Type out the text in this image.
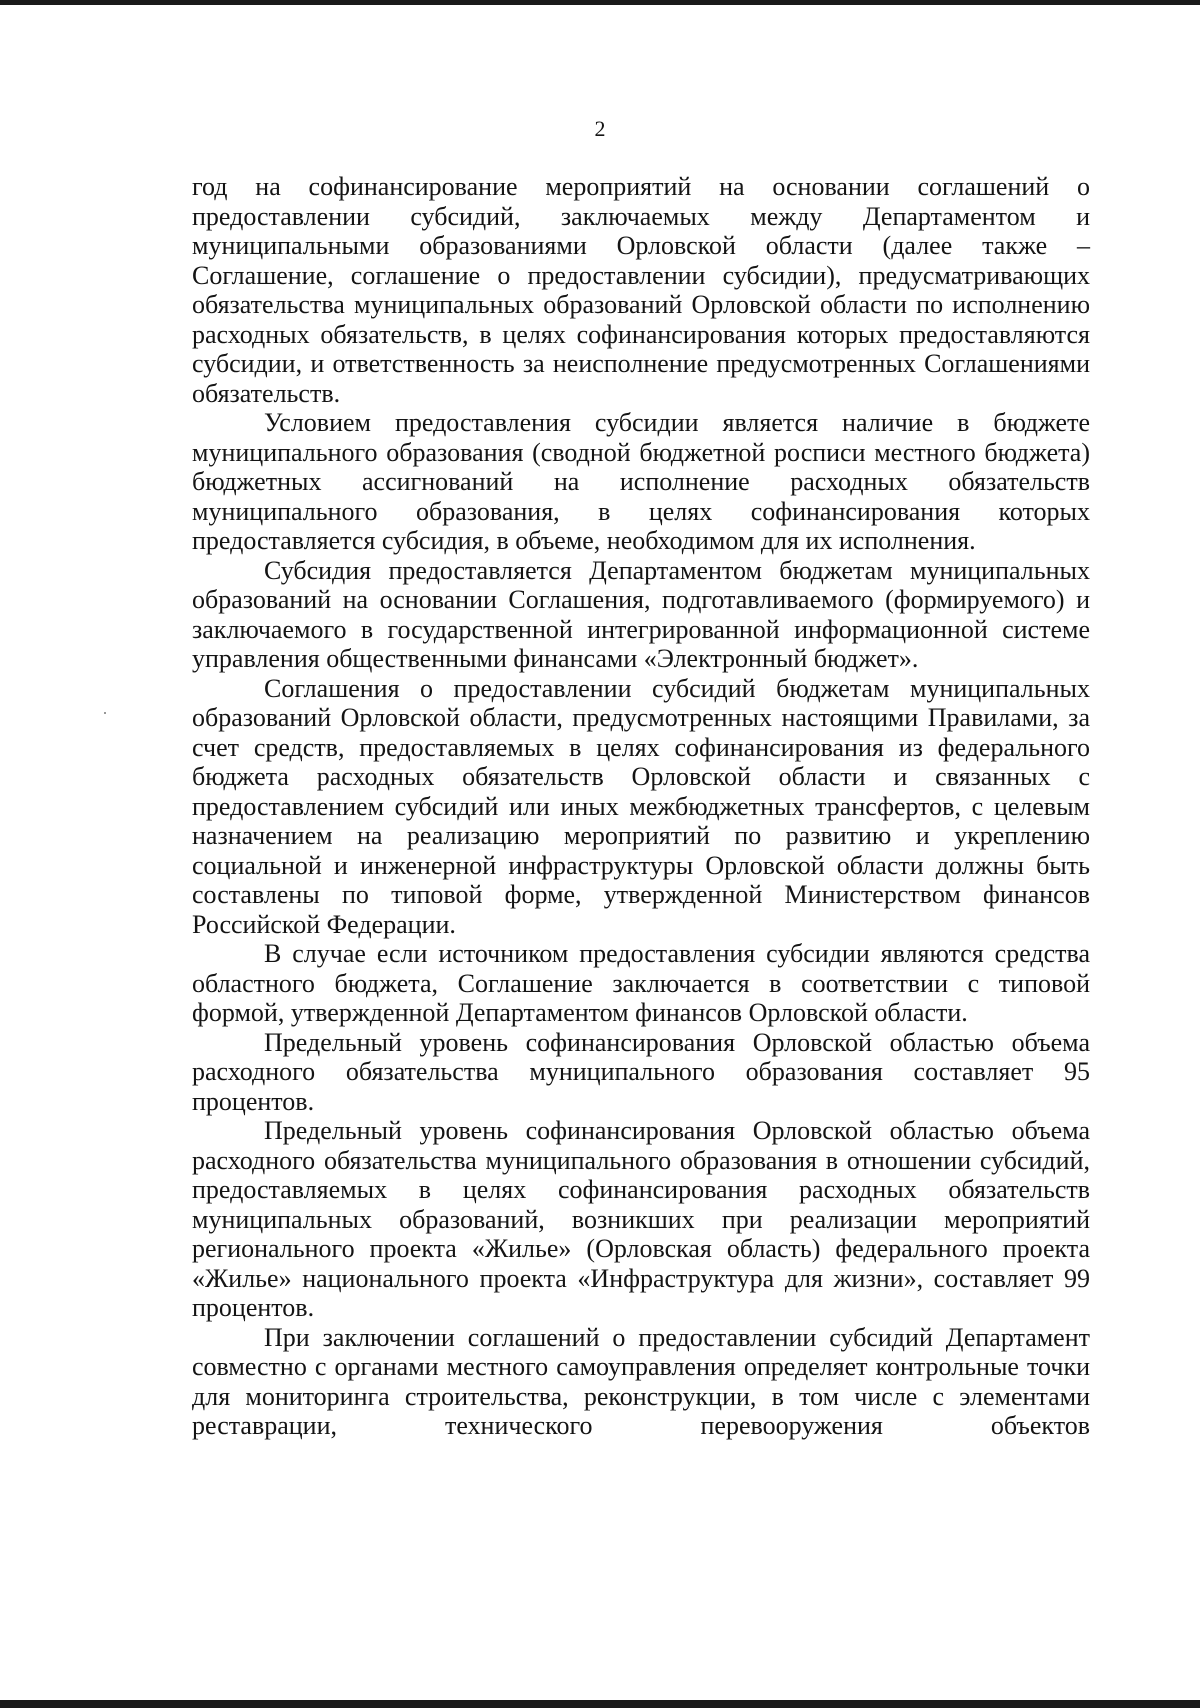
2

год на софинансирование мероприятий на основании соглашений о предоставлении субсидий, заключаемых между Департаментом и муниципальными образованиями Орловской области (далее также – Соглашение, соглашение о предоставлении субсидии), предусматривающих обязательства муниципальных образований Орловской области по исполнению расходных обязательств, в целях софинансирования которых предоставляются субсидии, и ответственность за неисполнение предусмотренных Соглашениями обязательств.

Условием предоставления субсидии является наличие в бюджете муниципального образования (сводной бюджетной росписи местного бюджета) бюджетных ассигнований на исполнение расходных обязательств муниципального образования, в целях софинансирования которых предоставляется субсидия, в объеме, необходимом для их исполнения.

Субсидия предоставляется Департаментом бюджетам муниципальных образований на основании Соглашения, подготавливаемого (формируемого) и заключаемого в государственной интегрированной информационной системе управления общественными финансами «Электронный бюджет».

Соглашения о предоставлении субсидий бюджетам муниципальных образований Орловской области, предусмотренных настоящими Правилами, за счет средств, предоставляемых в целях софинансирования из федерального бюджета расходных обязательств Орловской области и связанных с предоставлением субсидий или иных межбюджетных трансфертов, с целевым назначением на реализацию мероприятий по развитию и укреплению социальной и инженерной инфраструктуры Орловской области должны быть составлены по типовой форме, утвержденной Министерством финансов Российской Федерации.

В случае если источником предоставления субсидии являются средства областного бюджета, Соглашение заключается в соответствии с типовой формой, утвержденной Департаментом финансов Орловской области.

Предельный уровень софинансирования Орловской областью объема расходного обязательства муниципального образования составляет 95 процентов.

Предельный уровень софинансирования Орловской областью объема расходного обязательства муниципального образования в отношении субсидий, предоставляемых в целях софинансирования расходных обязательств муниципальных образований, возникших при реализации мероприятий регионального проекта «Жилье» (Орловская область) федерального проекта «Жилье» национального проекта «Инфраструктура для жизни», составляет 99 процентов.

При заключении соглашений о предоставлении субсидий Департамент совместно с органами местного самоуправления определяет контрольные точки для мониторинга строительства, реконструкции, в том числе с элементами реставрации, технического перевооружения объектов
